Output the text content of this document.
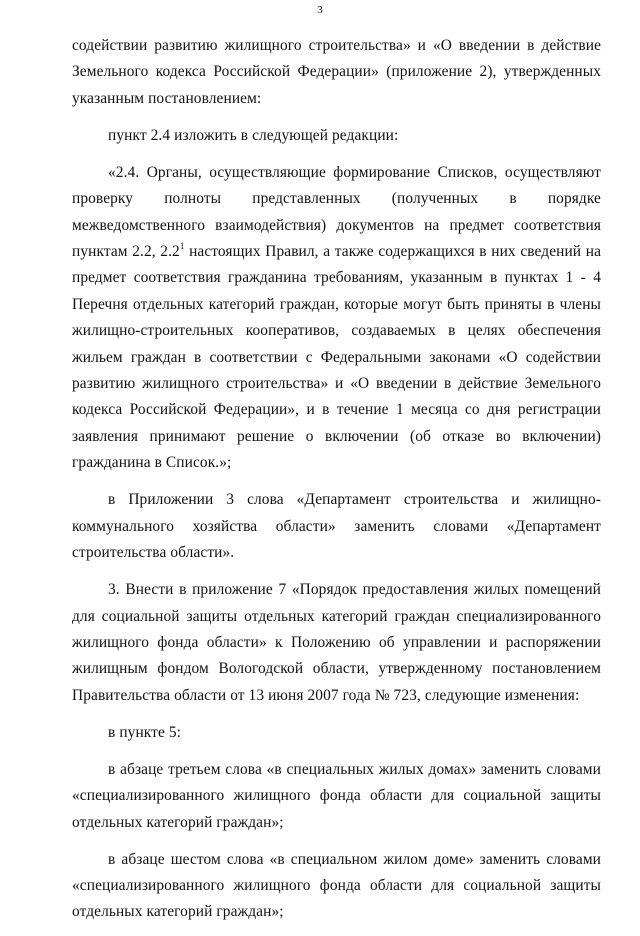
3

содействии развитию жилищного строительства» и «О введении в действие Земельного кодекса Российской Федерации» (приложение 2), утвержденных указанным постановлением:

пункт 2.4 изложить в следующей редакции:

«2.4. Органы, осуществляющие формирование Списков, осуществляют проверку полноты представленных (полученных в порядке межведомственного взаимодействия) документов на предмет соответствия пунктам 2.2, $2.2^1$ настоящих Правил, а также содержащихся в них сведений на предмет соответствия гражданина требованиям, указанным в пунктах 1 - 4 Перечня отдельных категорий граждан, которые могут быть приняты в члены жилищно-строительных кооперативов, создаваемых в целях обеспечения жильем граждан в соответствии с Федеральными законами «О содействии развитию жилищного строительства» и «О введении в действие Земельного кодекса Российской Федерации», и в течение 1 месяца со дня регистрации заявления принимают решение о включении (об отказе во включении) гражданина в Список.»;

в Приложении 3 слова «Департамент строительства и жилищно-коммунального хозяйства области» заменить словами «Департамент строительства области».

3. Внести в приложение 7 «Порядок предоставления жилых помещений для социальной защиты отдельных категорий граждан специализированного жилищного фонда области» к Положению об управлении и распоряжении жилищным фондом Вологодской области, утвержденному постановлением Правительства области от 13 июня 2007 года № 723, следующие изменения:

в пункте 5:

в абзаце третьем слова «в специальных жилых домах» заменить словами «специализированного жилищного фонда области для социальной защиты отдельных категорий граждан»;

в абзаце шестом слова «в специальном жилом доме» заменить словами «специализированного жилищного фонда области для социальной защиты отдельных категорий граждан»;
